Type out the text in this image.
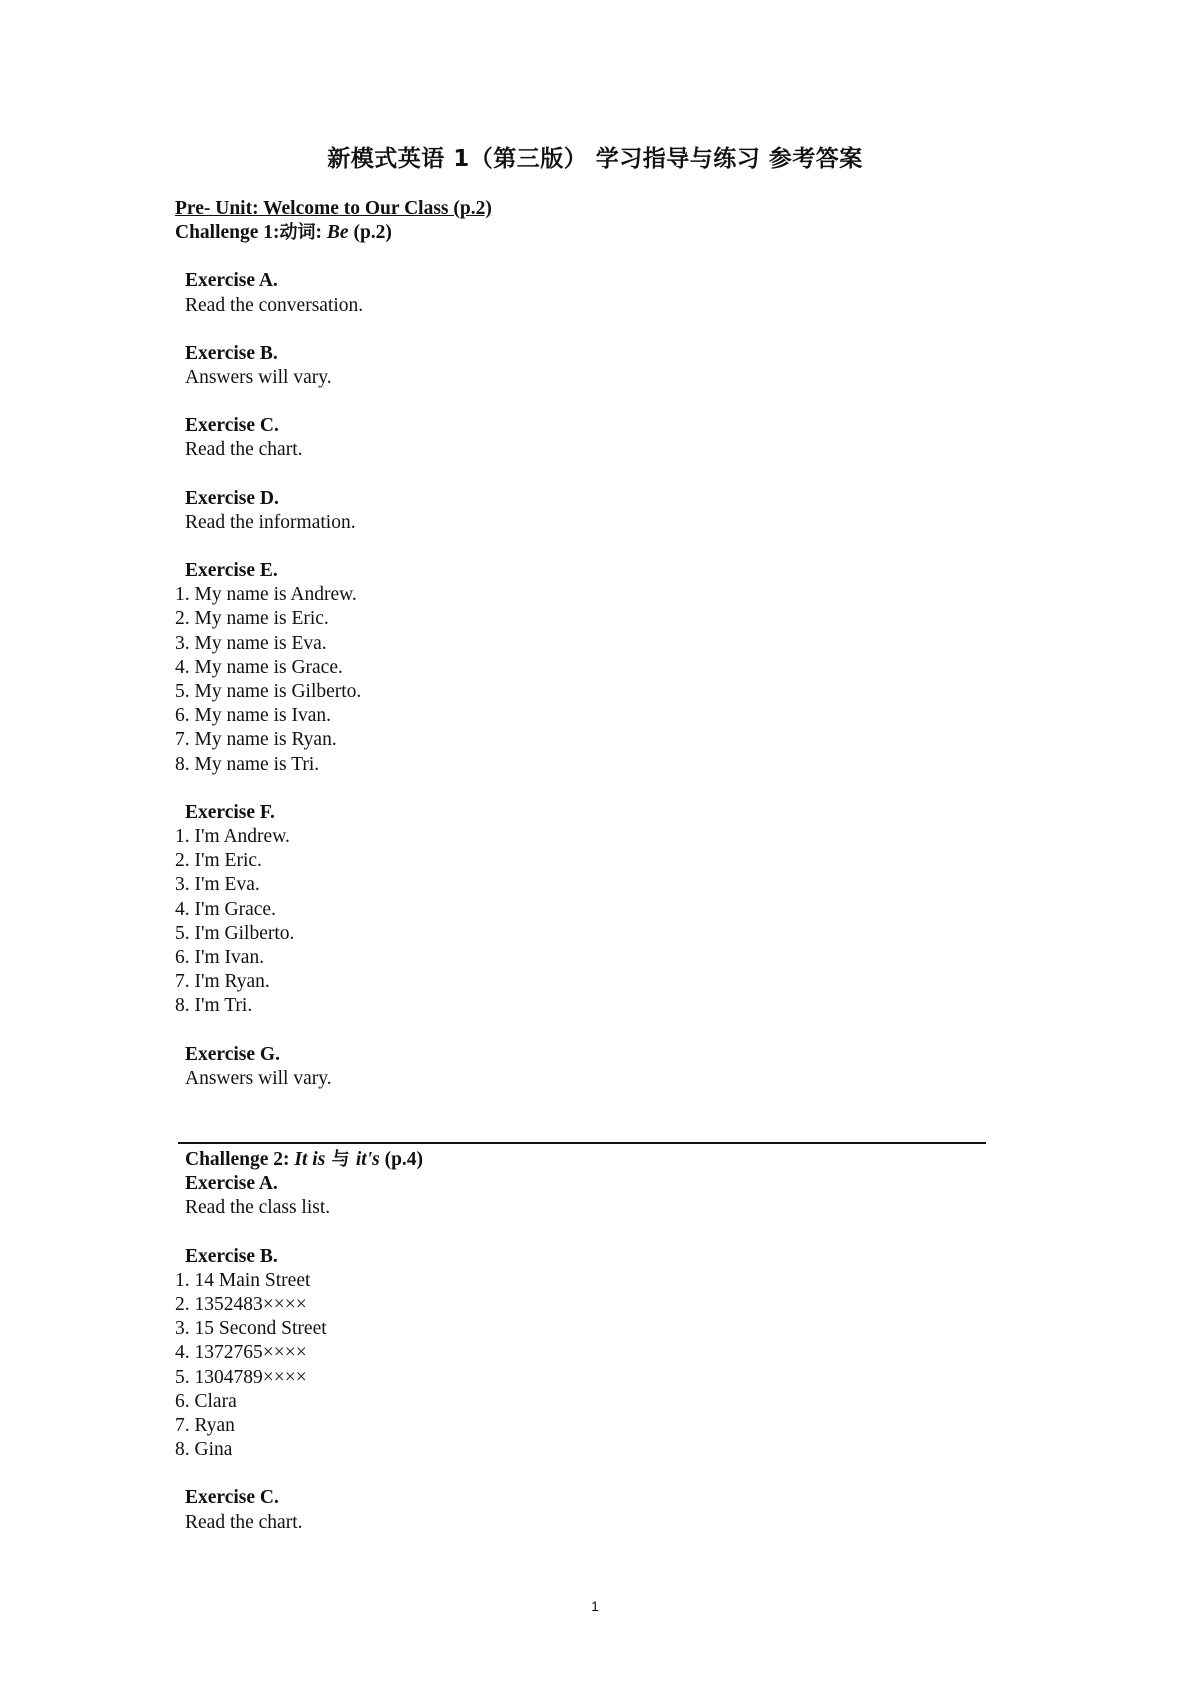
新模式英语 1（第三版） 学习指导与练习 参考答案
Pre- Unit: Welcome to Our Class (p.2)
Challenge 1:动词: Be (p.2)
Exercise A.
Read the conversation.
Exercise B.
Answers will vary.
Exercise C.
Read the chart.
Exercise D.
Read the information.
Exercise E.
1. My name is Andrew.
2. My name is Eric.
3. My name is Eva.
4. My name is Grace.
5. My name is Gilberto.
6. My name is Ivan.
7. My name is Ryan.
8. My name is Tri.
Exercise F.
1. I'm Andrew.
2. I'm Eric.
3. I'm Eva.
4. I'm Grace.
5. I'm Gilberto.
6. I'm Ivan.
7. I'm Ryan.
8. I'm Tri.
Exercise G.
Answers will vary.
Challenge 2: It is 与 it's (p.4)
Exercise A.
Read the class list.
Exercise B.
1. 14 Main Street
2. 1352483××××
3. 15 Second Street
4. 1372765××××
5. 1304789××××
6. Clara
7. Ryan
8. Gina
Exercise C.
Read the chart.
1
